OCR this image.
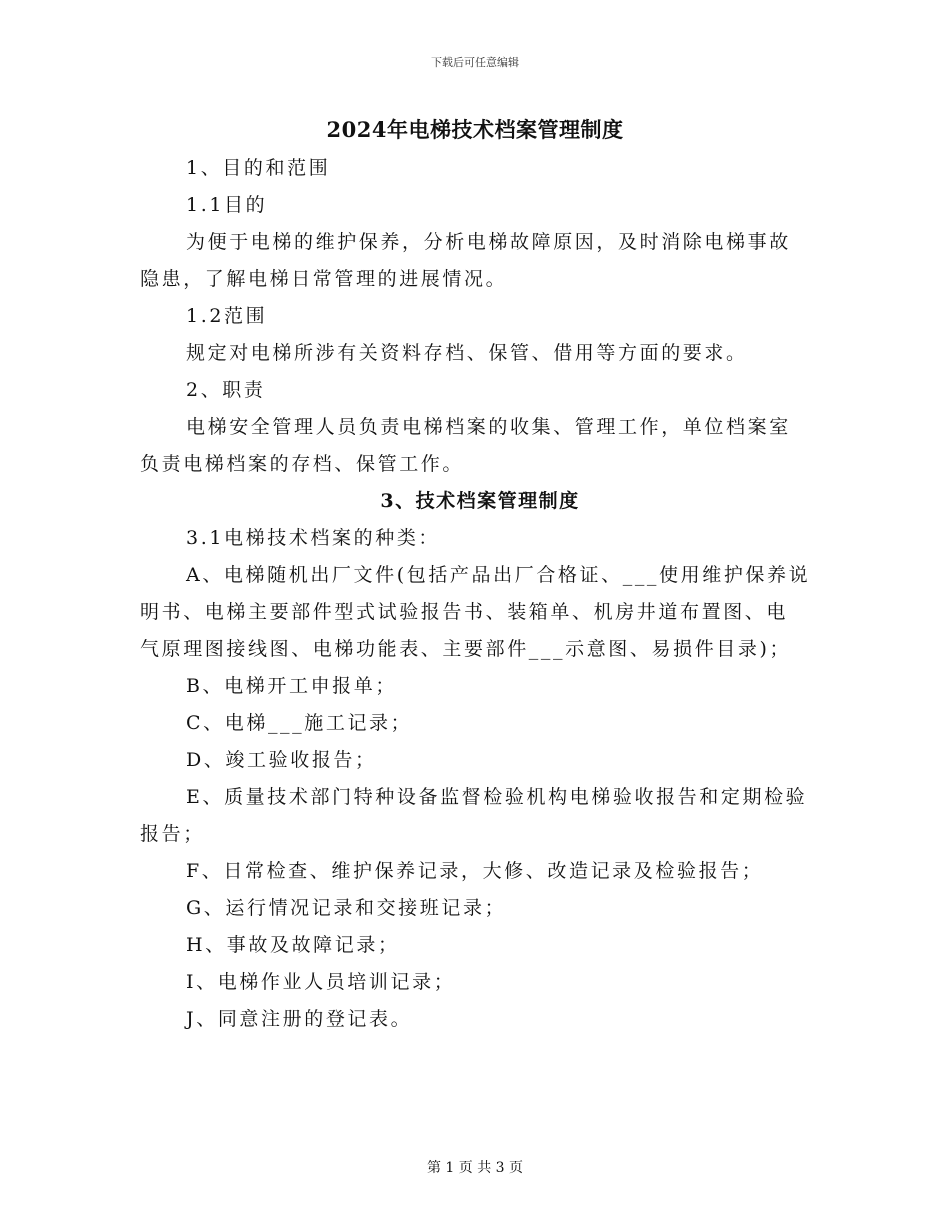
下载后可任意编辑
2024年电梯技术档案管理制度
1、目的和范围
1.1目的
为便于电梯的维护保养，分析电梯故障原因，及时消除电梯事故
隐患，了解电梯日常管理的进展情况。
1.2范围
规定对电梯所涉有关资料存档、保管、借用等方面的要求。
2、职责
电梯安全管理人员负责电梯档案的收集、管理工作，单位档案室
负责电梯档案的存档、保管工作。
3、技术档案管理制度
3.1电梯技术档案的种类：
A、电梯随机出厂文件(包括产品出厂合格证、___使用维护保养说
明书、电梯主要部件型式试验报告书、装箱单、机房井道布置图、电
气原理图接线图、电梯功能表、主要部件___示意图、易损件目录)；
B、电梯开工申报单；
C、电梯___施工记录；
D、竣工验收报告；
E、质量技术部门特种设备监督检验机构电梯验收报告和定期检验
报告；
F、日常检查、维护保养记录，大修、改造记录及检验报告；
G、运行情况记录和交接班记录；
H、事故及故障记录；
I、电梯作业人员培训记录；
J、同意注册的登记表。
第 1 页 共 3 页
